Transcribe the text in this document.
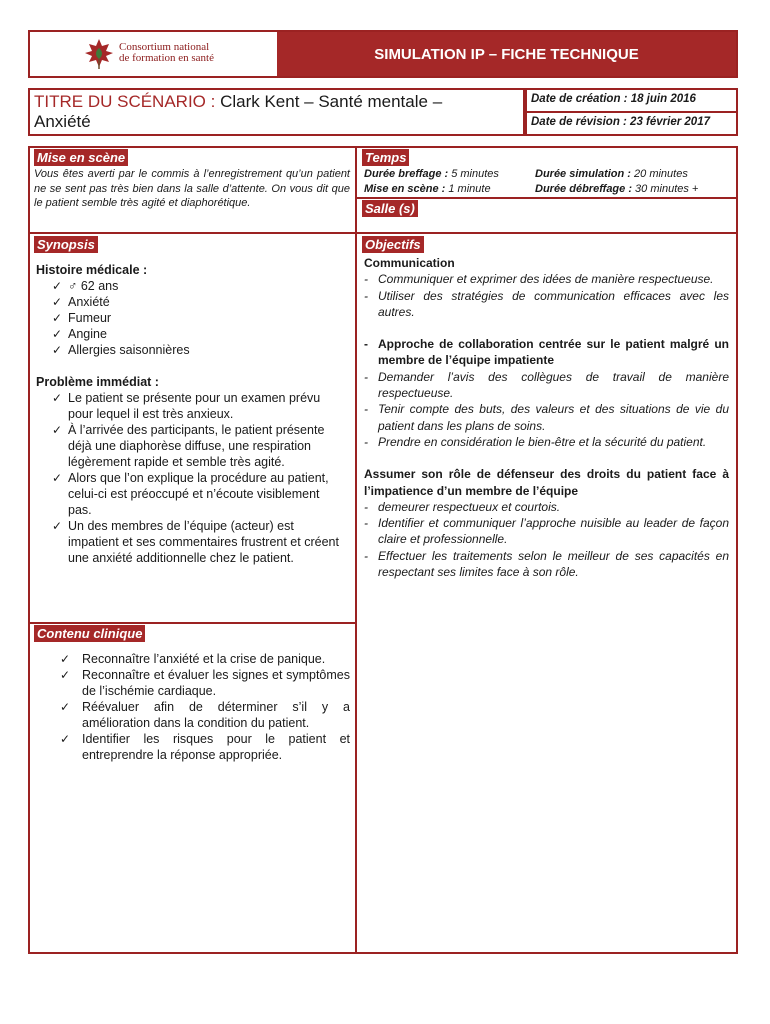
Consortium national
de formation en santé	SIMULATION IP – FICHE TECHNIQUE
TITRE DU SCÉNARIO : Clark Kent – Santé mentale –
Anxiété
Date de création : 18 juin 2016
Date de révision : 23 février 2017
Mise en scène
Vous êtes averti par le commis à l’enregistrement qu’un patient ne se sent pas très bien dans la salle d’attente. On vous dit que le patient semble très agité et diaphorétique.
Temps
Durée breffage : 5 minutes
Mise en scène : 1 minute
Durée simulation : 20 minutes
Durée débreffage : 30 minutes +
Salle (s)
Synopsis
Histoire médicale :
✓ ♂ 62 ans
✓ Anxiété
✓ Fumeur
✓ Angine
✓ Allergies saisonnières
Problème immédiat :
✓ Le patient se présente pour un examen prévu pour lequel il est très anxieux.
✓ À l’arrivée des participants, le patient présente déjà une diaphorèse diffuse, une respiration légèrement rapide et semble très agité.
✓ Alors que l’on explique la procédure au patient, celui-ci est préoccupé et n’écoute visiblement pas.
✓ Un des membres de l’équipe (acteur) est impatient et ses commentaires frustrent et créent une anxiété additionnelle chez le patient.
Objectifs
Communication
- Communiquer et exprimer des idées de manière respectueuse.
- Utiliser des stratégies de communication efficaces avec les autres.
- Approche de collaboration centrée sur le patient malgré un membre de l’équipe impatiente
- Demander l’avis des collègues de travail de manière respectueuse.
- Tenir compte des buts, des valeurs et des situations de vie du patient dans les plans de soins.
- Prendre en considération le bien-être et la sécurité du patient.
Assumer son rôle de défenseur des droits du patient face à l’impatience d’un membre de l’équipe
- demeurer respectueux et courtois.
- Identifier et communiquer l’approche nuisible au leader de façon claire et professionnelle.
- Effectuer les traitements selon le meilleur de ses capacités en respectant ses limites face à son rôle.
Contenu clinique
✓ Reconnaître l’anxiété et la crise de panique.
✓ Reconnaître et évaluer les signes et symptômes de l’ischémie cardiaque.
✓ Réévaluer afin de déterminer s’il y a amélioration dans la condition du patient.
✓ Identifier les risques pour le patient et entreprendre la réponse appropriée.
